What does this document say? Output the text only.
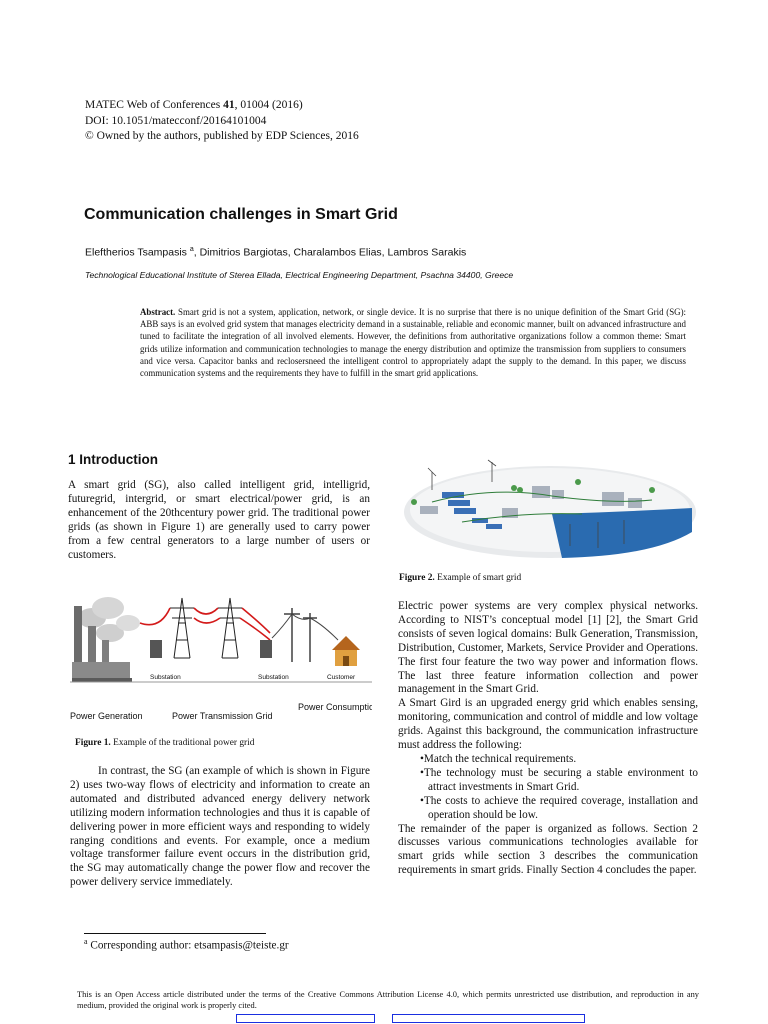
MATEC Web of Conferences 41, 01004 (2016)
DOI: 10.1051/matecconf/20164101004
© Owned by the authors, published by EDP Sciences, 2016
Communication challenges in Smart Grid
Eleftherios Tsampasis $^a$, Dimitrios Bargiotas, Charalambos Elias, Lambros Sarakis
Technological Educational Institute of Sterea Ellada, Electrical Engineering Department, Psachna 34400, Greece
Abstract. Smart grid is not a system, application, network, or single device. It is no surprise that there is no unique definition of the Smart Grid (SG): ABB says is an evolved grid system that manages electricity demand in a sustainable, reliable and economic manner, built on advanced infrastructure and tuned to facilitate the integration of all involved elements. However, the definitions from authoritative organizations follow a common theme: Smart grids utilize information and communication technologies to manage the energy distribution and optimize the transmission from suppliers to consumers and vice versa. Capacitor banks and reclosersneed the intelligent control to appropriately adapt the supply to the demand. In this paper, we discuss communication systems and the requirements they have to fulfill in the smart grid applications.
1 Introduction
A smart grid (SG), also called intelligent grid, intelligrid, futuregrid, intergrid, or smart electrical/power grid, is an enhancement of the 20thcentury power grid. The traditional power grids (as shown in Figure 1) are generally used to carry power from a few central generators to a large number of users or customers.
Substation	Substation	Customer
Power Generation	Power Transmission Grid
Power Consumption
Figure 1. Example of the traditional power grid
In contrast, the SG (an example of which is shown in Figure 2) uses two-way flows of electricity and information to create an automated and distributed advanced energy delivery network utilizing modern information technologies and thus it is capable of delivering power in more efficient ways and responding to widely ranging conditions and events. For example, once a medium voltage transformer failure event occurs in the distribution grid, the SG may automatically change the power flow and recover the power delivery service immediately.
Figure 2. Example of smart grid
Electric power systems are very complex physical networks. According to NIST’s conceptual model [1] [2], the Smart Grid consists of seven logical domains: Bulk Generation, Transmission, Distribution, Customer, Markets, Service Provider and Operations. The first four feature the two way power and information flows. The last three feature information collection and power management in the Smart Grid.
A Smart Gird is an upgraded energy grid which enables sensing, monitoring, communication and control of middle and low voltage grids. Against this background, the communication infrastructure must address the following:
•Match the technical requirements.
•The technology must be securing a stable environment to attract investments in Smart Grid.
•The costs to achieve the required coverage, installation and operation should be low.
The remainder of the paper is organized as follows. Section 2 discusses various communications technologies available for smart grids while section 3 describes the communication requirements in smart grids. Finally Section 4 concludes the paper.
$^a$ Corresponding author: etsampasis@teiste.gr
This is an Open Access article distributed under the terms of the Creative Commons Attribution License 4.0, which permits unrestricted use distribution, and reproduction in any medium, provided the original work is properly cited.
